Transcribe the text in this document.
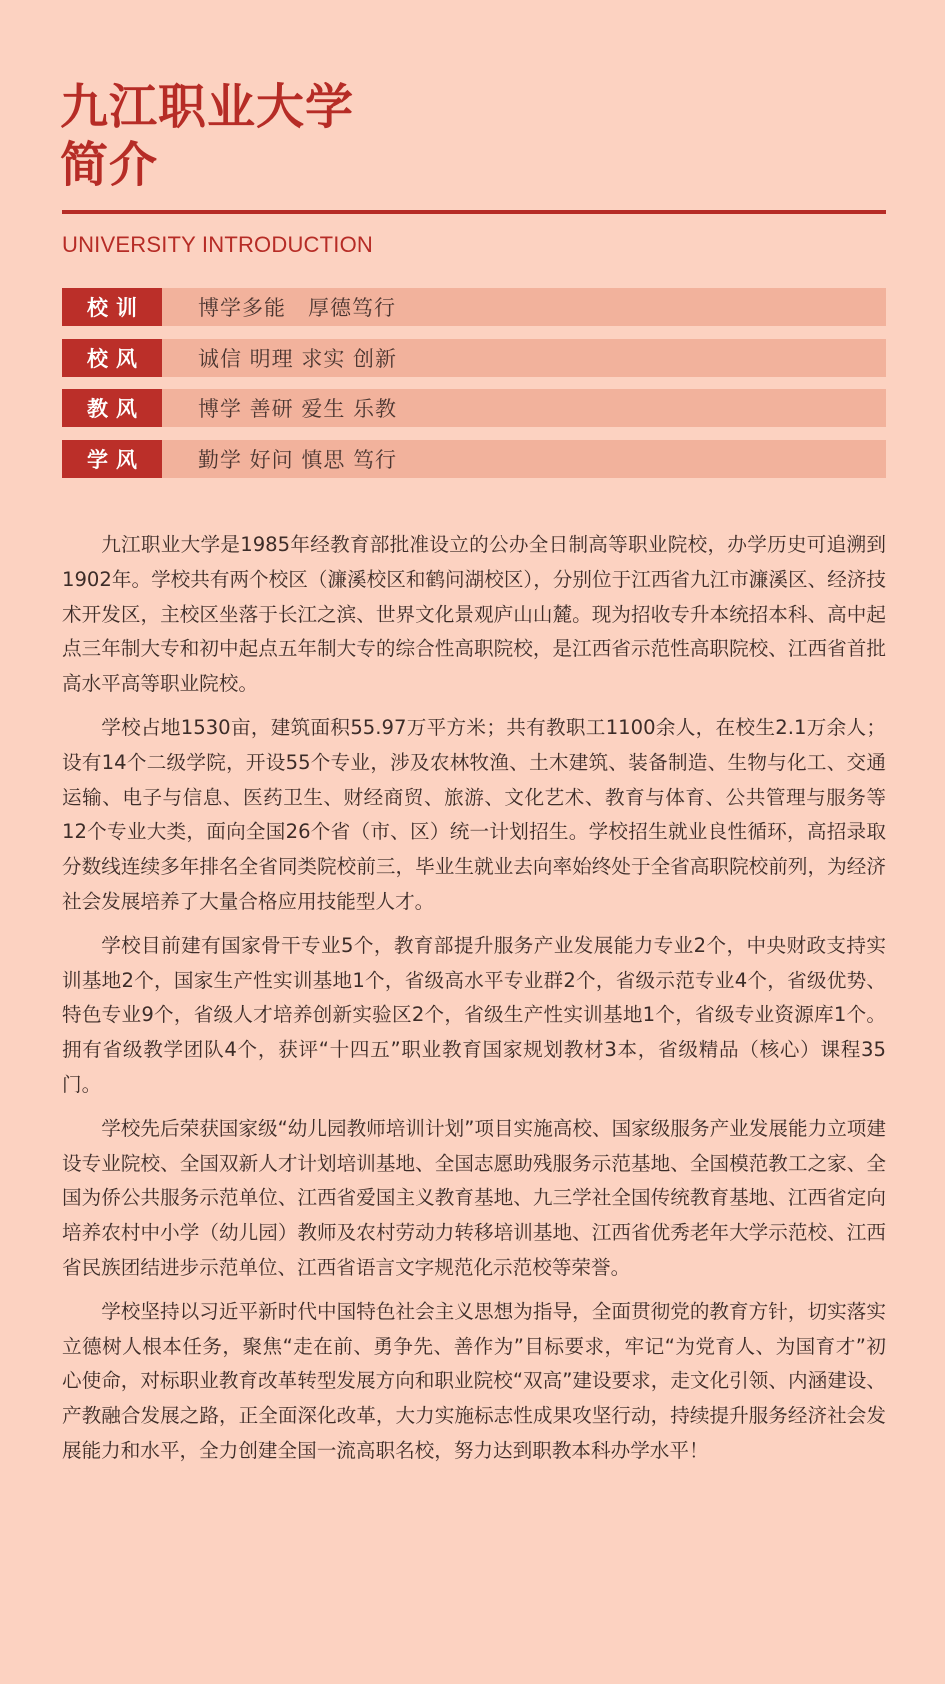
九江职业大学
简介
UNIVERSITY INTRODUCTION
校训	博学多能　厚德笃行
校风	诚信 明理 求实 创新
教风	博学 善研 爱生 乐教
学风	勤学 好问 慎思 笃行

九江职业大学是1985年经教育部批准设立的公办全日制高等职业院校，办学历史可追溯到1902年。学校共有两个校区（濂溪校区和鹤问湖校区），分别位于江西省九江市濂溪区、经济技术开发区，主校区坐落于长江之滨、世界文化景观庐山山麓。现为招收专升本统招本科、高中起点三年制大专和初中起点五年制大专的综合性高职院校，是江西省示范性高职院校、江西省首批高水平高等职业院校。

学校占地1530亩，建筑面积55.97万平方米；共有教职工1100余人，在校生2.1万余人；设有14个二级学院，开设55个专业，涉及农林牧渔、土木建筑、装备制造、生物与化工、交通运输、电子与信息、医药卫生、财经商贸、旅游、文化艺术、教育与体育、公共管理与服务等12个专业大类，面向全国26个省（市、区）统一计划招生。学校招生就业良性循环，高招录取分数线连续多年排名全省同类院校前三，毕业生就业去向率始终处于全省高职院校前列，为经济社会发展培养了大量合格应用技能型人才。

学校目前建有国家骨干专业5个，教育部提升服务产业发展能力专业2个，中央财政支持实训基地2个，国家生产性实训基地1个，省级高水平专业群2个，省级示范专业4个，省级优势、特色专业9个，省级人才培养创新实验区2个，省级生产性实训基地1个，省级专业资源库1个。拥有省级教学团队4个，获评“十四五”职业教育国家规划教材3本，省级精品（核心）课程35门。

学校先后荣获国家级“幼儿园教师培训计划”项目实施高校、国家级服务产业发展能力立项建设专业院校、全国双新人才计划培训基地、全国志愿助残服务示范基地、全国模范教工之家、全国为侨公共服务示范单位、江西省爱国主义教育基地、九三学社全国传统教育基地、江西省定向培养农村中小学（幼儿园）教师及农村劳动力转移培训基地、江西省优秀老年大学示范校、江西省民族团结进步示范单位、江西省语言文字规范化示范校等荣誉。

学校坚持以习近平新时代中国特色社会主义思想为指导，全面贯彻党的教育方针，切实落实立德树人根本任务，聚焦“走在前、勇争先、善作为”目标要求，牢记“为党育人、为国育才”初心使命，对标职业教育改革转型发展方向和职业院校“双高”建设要求，走文化引领、内涵建设、产教融合发展之路，正全面深化改革，大力实施标志性成果攻坚行动，持续提升服务经济社会发展能力和水平，全力创建全国一流高职名校，努力达到职教本科办学水平！
